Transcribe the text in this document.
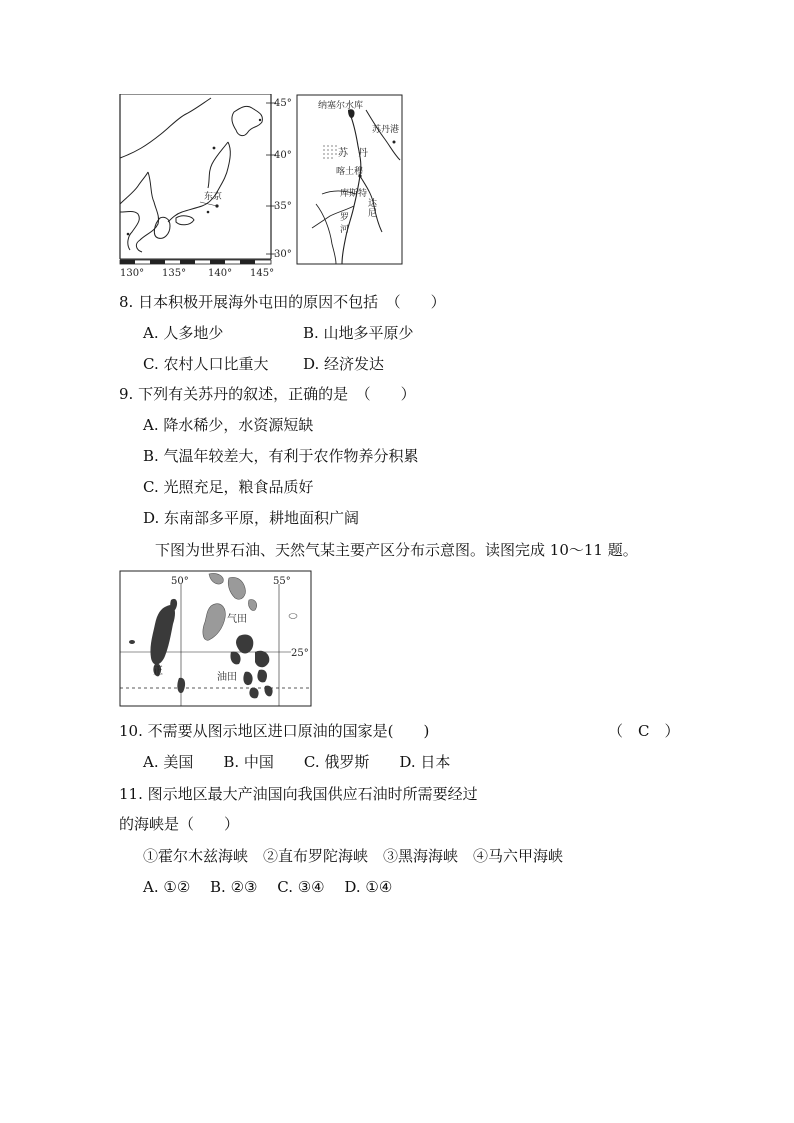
东京
45°
40°
35°
30°
130° 135° 140° 145°
纳塞尔水库
苏丹港
苏 丹
喀土穆
库斯特
达
尼
罗
河
8. 日本积极开展海外屯田的原因不包括　（　　）
A. 人多地少	B. 山地多平原少
C. 农村人口比重大 D. 经济发达
9. 下列有关苏丹的叙述，正确的是　（　　）
A. 降水稀少，水资源短缺
B. 气温年较差大，有利于农作物养分积累
C. 光照充足，粮食品质好
D. 东南部多平原，耕地面积广阔
下图为世界石油、天然气某主要产区分布示意图。读图完成 10～11 题。
50°	55°
25°
气田
油田
正
10. 不需要从图示地区进口原油的国家是(　　)	（　C　）
A. 美国　　B. 中国　　C. 俄罗斯　　D. 日本
11. 图示地区最大产油国向我国供应石油时所需要经过
的海峡是（　　）
①霍尔木兹海峡　②直布罗陀海峡　③黑海海峡　④马六甲海峡
A. ①②　 B. ②③　 C. ③④　 D. ①④
